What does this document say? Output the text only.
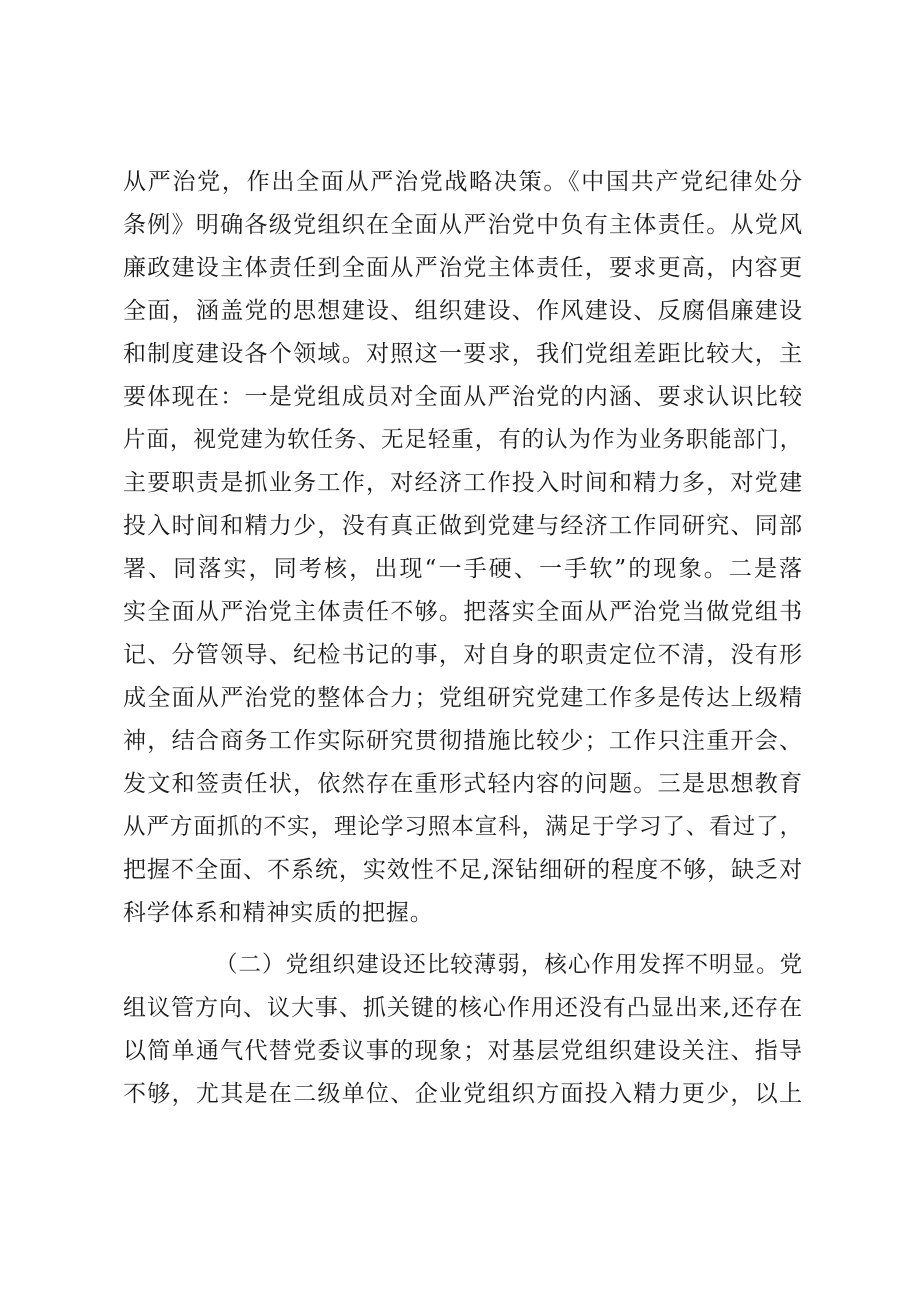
从严治党，作出全面从严治党战略决策。《中国共产党纪律处分
条例》明确各级党组织在全面从严治党中负有主体责任。从党风
廉政建设主体责任到全面从严治党主体责任，要求更高，内容更
全面，涵盖党的思想建设、组织建设、作风建设、反腐倡廉建设
和制度建设各个领域。对照这一要求，我们党组差距比较大，主
要体现在：一是党组成员对全面从严治党的内涵、要求认识比较
片面，视党建为软任务、无足轻重，有的认为作为业务职能部门，
主要职责是抓业务工作，对经济工作投入时间和精力多，对党建
投入时间和精力少，没有真正做到党建与经济工作同研究、同部
署、同落实，同考核，出现“一手硬、一手软”的现象。二是落
实全面从严治党主体责任不够。把落实全面从严治党当做党组书
记、分管领导、纪检书记的事，对自身的职责定位不清，没有形
成全面从严治党的整体合力；党组研究党建工作多是传达上级精
神，结合商务工作实际研究贯彻措施比较少；工作只注重开会、
发文和签责任状，依然存在重形式轻内容的问题。三是思想教育
从严方面抓的不实，理论学习照本宣科，满足于学习了、看过了，
把握不全面、不系统，实效性不足,深钻细研的程度不够，缺乏对
科学体系和精神实质的把握。
（二）党组织建设还比较薄弱，核心作用发挥不明显。党
组议管方向、议大事、抓关键的核心作用还没有凸显出来,还存在
以简单通气代替党委议事的现象；对基层党组织建设关注、指导
不够，尤其是在二级单位、企业党组织方面投入精力更少，以上
